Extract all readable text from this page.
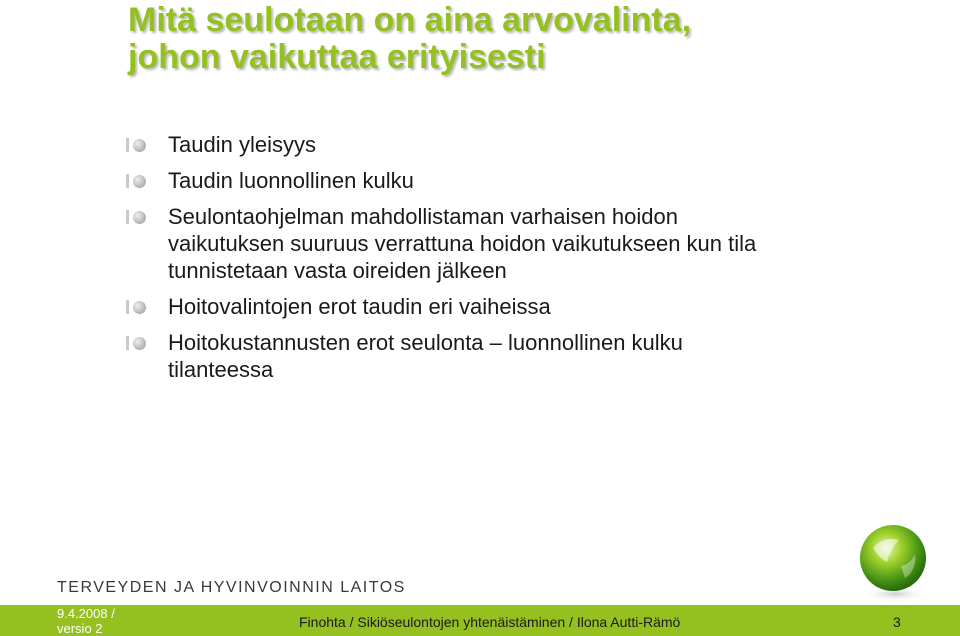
Mitä seulotaan on aina arvovalinta,
johon vaikuttaa erityisesti
Taudin yleisyys
Taudin luonnollinen kulku
Seulontaohjelman mahdollistaman varhaisen hoidon
vaikutuksen suuruus verrattuna hoidon vaikutukseen kun tila
tunnistetaan vasta oireiden jälkeen
Hoitovalintojen erot taudin eri vaiheissa
Hoitokustannusten erot seulonta – luonnollinen kulku
tilanteessa
TERVEYDEN JA HYVINVOINNIN LAITOS
9.4.2008 /
versio 2	Finohta / Sikiöseulontojen yhtenäistäminen / Ilona Autti-Rämö	3
